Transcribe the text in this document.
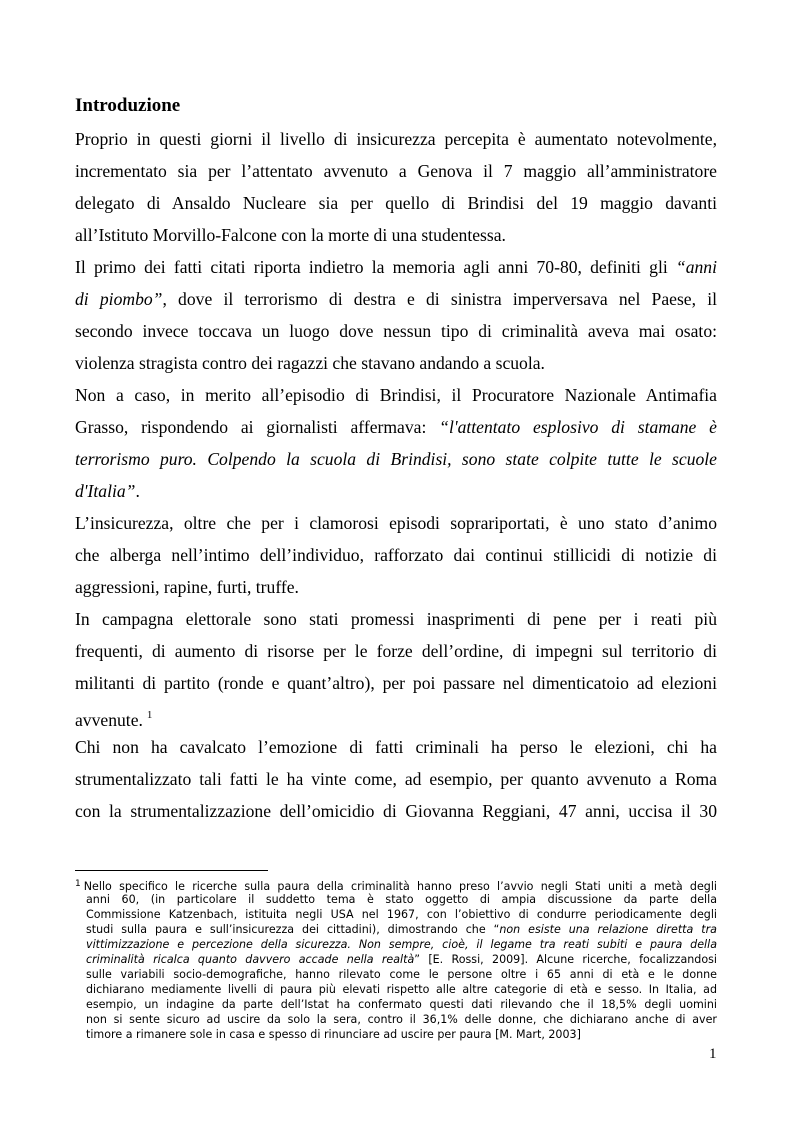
Introduzione
Proprio in questi giorni il livello di insicurezza percepita è aumentato notevolmente,
incrementato sia per l’attentato avvenuto a Genova il 7 maggio all’amministratore
delegato di Ansaldo Nucleare sia per quello di Brindisi del 19 maggio davanti
all’Istituto Morvillo-Falcone con la morte di una studentessa.
Il primo dei fatti citati riporta indietro la memoria agli anni 70-80, definiti gli “anni
di piombo”, dove il terrorismo di destra e di sinistra imperversava nel Paese, il
secondo invece toccava un luogo dove nessun tipo di criminalità aveva mai osato:
violenza stragista contro dei ragazzi che stavano andando a scuola.
Non a caso, in merito all’episodio di Brindisi, il Procuratore Nazionale Antimafia
Grasso, rispondendo ai giornalisti affermava: “l'attentato esplosivo di stamane è
terrorismo puro. Colpendo la scuola di Brindisi, sono state colpite tutte le scuole
d'Italia”.
L’insicurezza, oltre che per i clamorosi episodi soprariportati, è uno stato d’animo
che alberga nell’intimo dell’individuo, rafforzato dai continui stillicidi di notizie di
aggressioni, rapine, furti, truffe.
In campagna elettorale sono stati promessi inasprimenti di pene per i reati più
frequenti, di aumento di risorse per le forze dell’ordine, di impegni sul territorio di
militanti di partito (ronde e quant’altro), per poi passare nel dimenticatoio ad elezioni
avvenute. $^1$
Chi non ha cavalcato l’emozione di fatti criminali ha perso le elezioni, chi ha
strumentalizzato tali fatti le ha vinte come, ad esempio, per quanto avvenuto a Roma
con la strumentalizzazione dell’omicidio di Giovanna Reggiani, 47 anni, uccisa il 30
$^1$ Nello specifico le ricerche sulla paura della criminalità hanno preso l’avvio negli Stati uniti a metà degli
anni 60, (in particolare il suddetto tema è stato oggetto di ampia discussione da parte della
Commissione Katzenbach, istituita negli USA nel 1967, con l’obiettivo di condurre periodicamente degli
studi sulla paura e sull’insicurezza dei cittadini), dimostrando che “non esiste una relazione diretta tra
vittimizzazione e percezione della sicurezza. Non sempre, cioè, il legame tra reati subiti e paura della
criminalità ricalca quanto davvero accade nella realtà” [E. Rossi, 2009]. Alcune ricerche, focalizzandosi
sulle variabili socio-demografiche, hanno rilevato come le persone oltre i 65 anni di età e le donne
dichiarano mediamente livelli di paura più elevati rispetto alle altre categorie di età e sesso. In Italia, ad
esempio, un indagine da parte dell’Istat ha confermato questi dati rilevando che il 18,5% degli uomini
non si sente sicuro ad uscire da solo la sera, contro il 36,1% delle donne, che dichiarano anche di aver
timore a rimanere sole in casa e spesso di rinunciare ad uscire per paura [M. Mart, 2003]
1
